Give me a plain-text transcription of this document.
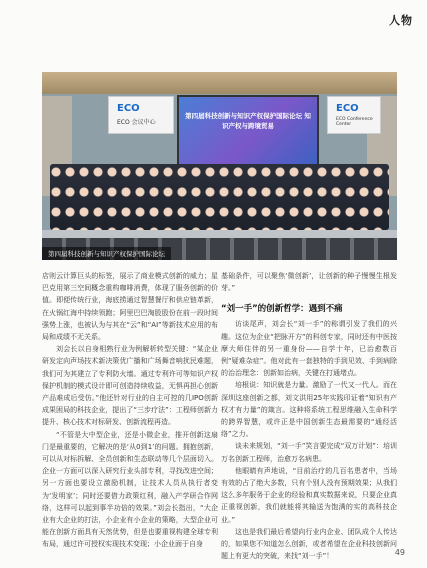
人物
ECO
ECO 会议中心
ECO
ECO Conference Center
第四届科技创新与知识产权保护国际论坛 知识产权与跨境贸易
第四届科技创新与知识产权保护国际论坛

店则云计算巨头的标签，展示了商业模式创新的威力；星巴克用第三空间概念重构咖啡消费，体现了服务创新的价值。即便传统行业，海底捞通过智慧餐厅和供应链革新，在火锅红海中持续领跑；阿里巴巴淘股股份在前一段时间强势上涨，也被认为与其在“云”和“AI”等新技术应用的布局和成绩不无关系。

刘会长以自身相熟行业为例解析转型关键：“某企业研发定向声场技术新决策优广播和广场舞音响扰民难题，我们可为其建立了专利防火墙。通过专利许可等知识产权保护机制的模式设计即可创造持续收益，无惧再担心创新产品难成后受仿。”他还针对行业的自主可控的几IPO创新成果困局的科技企业，提出了“三步疗法”：工程师创新力提升、核心技术对标研发、创新流程再造。

“不管是大中型企业，还是小微企业，推开创新这扇门是最重要的，它解决的是‘从0到1’的问题。拥抱创新，可以从对标拆解、全员创新和生态联动等几个层面切入。企业一方面可以深入研究行业头部专利，寻找改进空间；另一方面也要设立激励机制，让技术人员从执行者变为‘发明家’；同时还要借力政策红利，融入产学研合作网络，这样可以起到事半功倍的效果。”刘会长指出，“大企业有大企业的打法，小企业有小企业的策略，大型企业可能在创新方面具有天然优势，但是也要重视构建全球专利布局，通过许可授权实现技术变现；小企业面于自身

基础条件，可以聚焦‘微创新’，让创新的种子慢慢生根发芽。”

“刘一手”的创新哲学：遇到不痛

访谈尾声，刘会长“刘一手”的称谓引发了我们的兴趣。这位为企业“把脉开方”的科创专家，同时还有中医按摩大师住伴的另一重身份——自学十年，已治愈数百例“疑难杂症”。他对此有一套独特的手到见效、手到病除的治治理念：创新如治病，关键在打通堵点。

培根说：知识就是力量。激励了一代又一代人。而在深圳这座创新之都，刘文洪用25年实践印证着“知识有产权才有力量”的箴言。这种将系统工程思维融入生命科学的跨界智慧，或许正是中国创新生态最需要的“通经活络”之力。

谈未来规划，“刘一手”笑言要完成“双万计划”：培训万名创新工程师，治愈万名病患。

他眼睛有声地说，“目前治疗的几百名患者中，当场有效的占了绝大多数，只有个别人没有预期效果；从我们这么多年服务于企业的经验和真实数据来说，只要企业真正重视创新，我们就能将其输送为饱满的实的高科技企业。”

这也是我们最后希望向行业内企业、团队成个人传达的，如果您不知道怎么创新，或者希望在企业科技创新问题上有更大的突破，来找“刘一手”！	49
